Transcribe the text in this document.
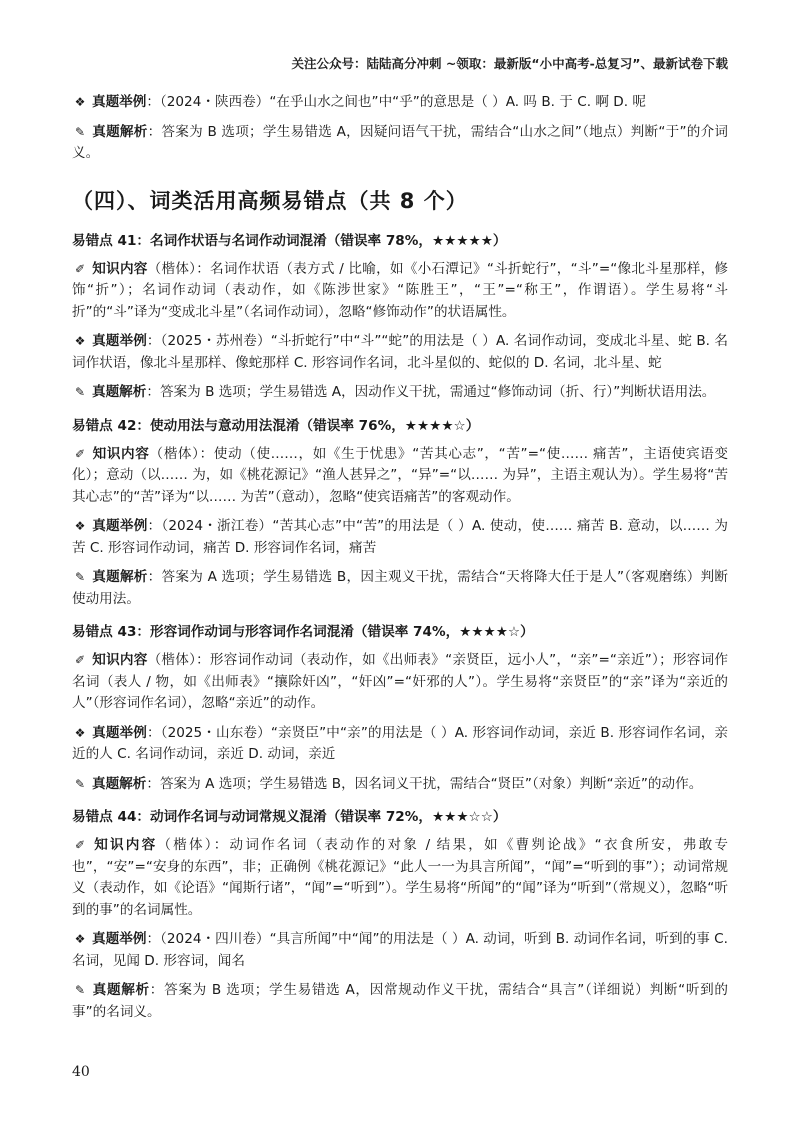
关注公众号：陆陆高分冲刺 ~领取：最新版“小中高考-总复习”、最新试卷下载

❖ 真题举例：（2024・陕西卷）“在乎山水之间也”中“乎”的意思是（ ）A. 吗 B. 于 C. 啊 D. 呢

✎ 真题解析：答案为 B 选项；学生易错选 A，因疑问语气干扰，需结合“山水之间”（地点）判断“于”的介词义。

（四）、词类活用高频易错点（共 8 个）
易错点 41：名词作状语与名词作动词混淆（错误率 78%，★★★★★）

✐ 知识内容（楷体）：名词作状语（表方式 / 比喻，如《小石潭记》“斗折蛇行”，“斗”=“像北斗星那样，修饰“折”）；名词作动词（表动作，如《陈涉世家》“陈胜王”，“王”=“称王”，作谓语）。学生易将“斗折”的“斗”译为“变成北斗星”（名词作动词），忽略“修饰动作”的状语属性。

❖ 真题举例：（2025・苏州卷）“斗折蛇行”中“斗”“蛇”的用法是（ ）A. 名词作动词，变成北斗星、蛇 B. 名词作状语，像北斗星那样、像蛇那样 C. 形容词作名词，北斗星似的、蛇似的 D. 名词，北斗星、蛇

✎ 真题解析：答案为 B 选项；学生易错选 A，因动作义干扰，需通过“修饰动词（折、行）”判断状语用法。

易错点 42：使动用法与意动用法混淆（错误率 76%，★★★★☆）

✐ 知识内容（楷体）：使动（使……，如《生于忧患》“苦其心志”，“苦”=“使…… 痛苦”，主语使宾语变化）；意动（以…… 为，如《桃花源记》“渔人甚异之”，“异”=“以…… 为异”，主语主观认为）。学生易将“苦其心志”的“苦”译为“以…… 为苦”（意动），忽略“使宾语痛苦”的客观动作。

❖ 真题举例：（2024・浙江卷）“苦其心志”中“苦”的用法是（ ）A. 使动，使…… 痛苦 B. 意动，以…… 为苦 C. 形容词作动词，痛苦 D. 形容词作名词，痛苦

✎ 真题解析：答案为 A 选项；学生易错选 B，因主观义干扰，需结合“天将降大任于是人”（客观磨练）判断使动用法。

易错点 43：形容词作动词与形容词作名词混淆（错误率 74%，★★★★☆）

✐ 知识内容（楷体）：形容词作动词（表动作，如《出师表》“亲贤臣，远小人”，“亲”=“亲近”）；形容词作名词（表人 / 物，如《出师表》“攘除奸凶”，“奸凶”=“奸邪的人”）。学生易将“亲贤臣”的“亲”译为“亲近的人”（形容词作名词），忽略“亲近”的动作。

❖ 真题举例：（2025・山东卷）“亲贤臣”中“亲”的用法是（ ）A. 形容词作动词，亲近 B. 形容词作名词，亲近的人 C. 名词作动词，亲近 D. 动词，亲近

✎ 真题解析：答案为 A 选项；学生易错选 B，因名词义干扰，需结合“贤臣”（对象）判断“亲近”的动作。

易错点 44：动词作名词与动词常规义混淆（错误率 72%，★★★☆☆）

✐ 知识内容（楷体）：动词作名词（表动作的对象 / 结果，如《曹刿论战》“衣食所安，弗敢专也”，“安”=“安身的东西”，非；正确例《桃花源记》“此人一一为具言所闻”，“闻”=“听到的事”）；动词常规义（表动作，如《论语》“闻斯行诸”，“闻”=“听到”）。学生易将“所闻”的“闻”译为“听到”（常规义），忽略“听到的事”的名词属性。

❖ 真题举例：（2024・四川卷）“具言所闻”中“闻”的用法是（ ）A. 动词，听到 B. 动词作名词，听到的事 C. 名词，见闻 D. 形容词，闻名

✎ 真题解析：答案为 B 选项；学生易错选 A，因常规动作义干扰，需结合“具言”（详细说）判断“听到的事”的名词义。

40
